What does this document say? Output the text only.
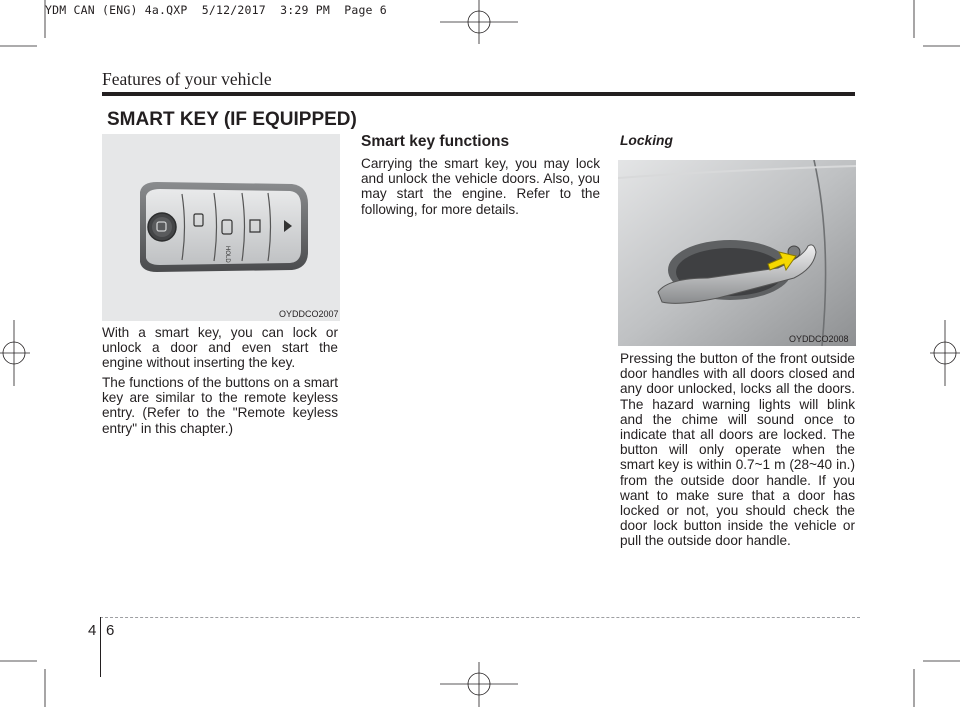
YDM CAN (ENG) 4a.QXP  5/12/2017  3:29 PM  Page 6
Features of your vehicle
SMART KEY (IF EQUIPPED)
HOLD
OYDDCO2007
With a smart key, you can lock or unlock a door and even start the engine without inserting the key.
The functions of the buttons on a smart key are similar to the remote keyless entry. (Refer to the "Remote keyless entry" in this chapter.)
Smart key functions
Carrying the smart key, you may lock and unlock the vehicle doors. Also, you may start the engine. Refer to the following, for more details.
Locking
OYDDCO2008
Pressing the button of the front outside door handles with all doors closed and any door unlocked, locks all the doors. The hazard warning lights will blink and the chime will sound once to indicate that all doors are locked. The button will only operate when the smart key is within 0.7~1 m (28~40 in.) from the outside door handle. If you want to make sure that a door has locked or not, you should check the door lock button inside the vehicle or pull the outside door handle.
4 6
